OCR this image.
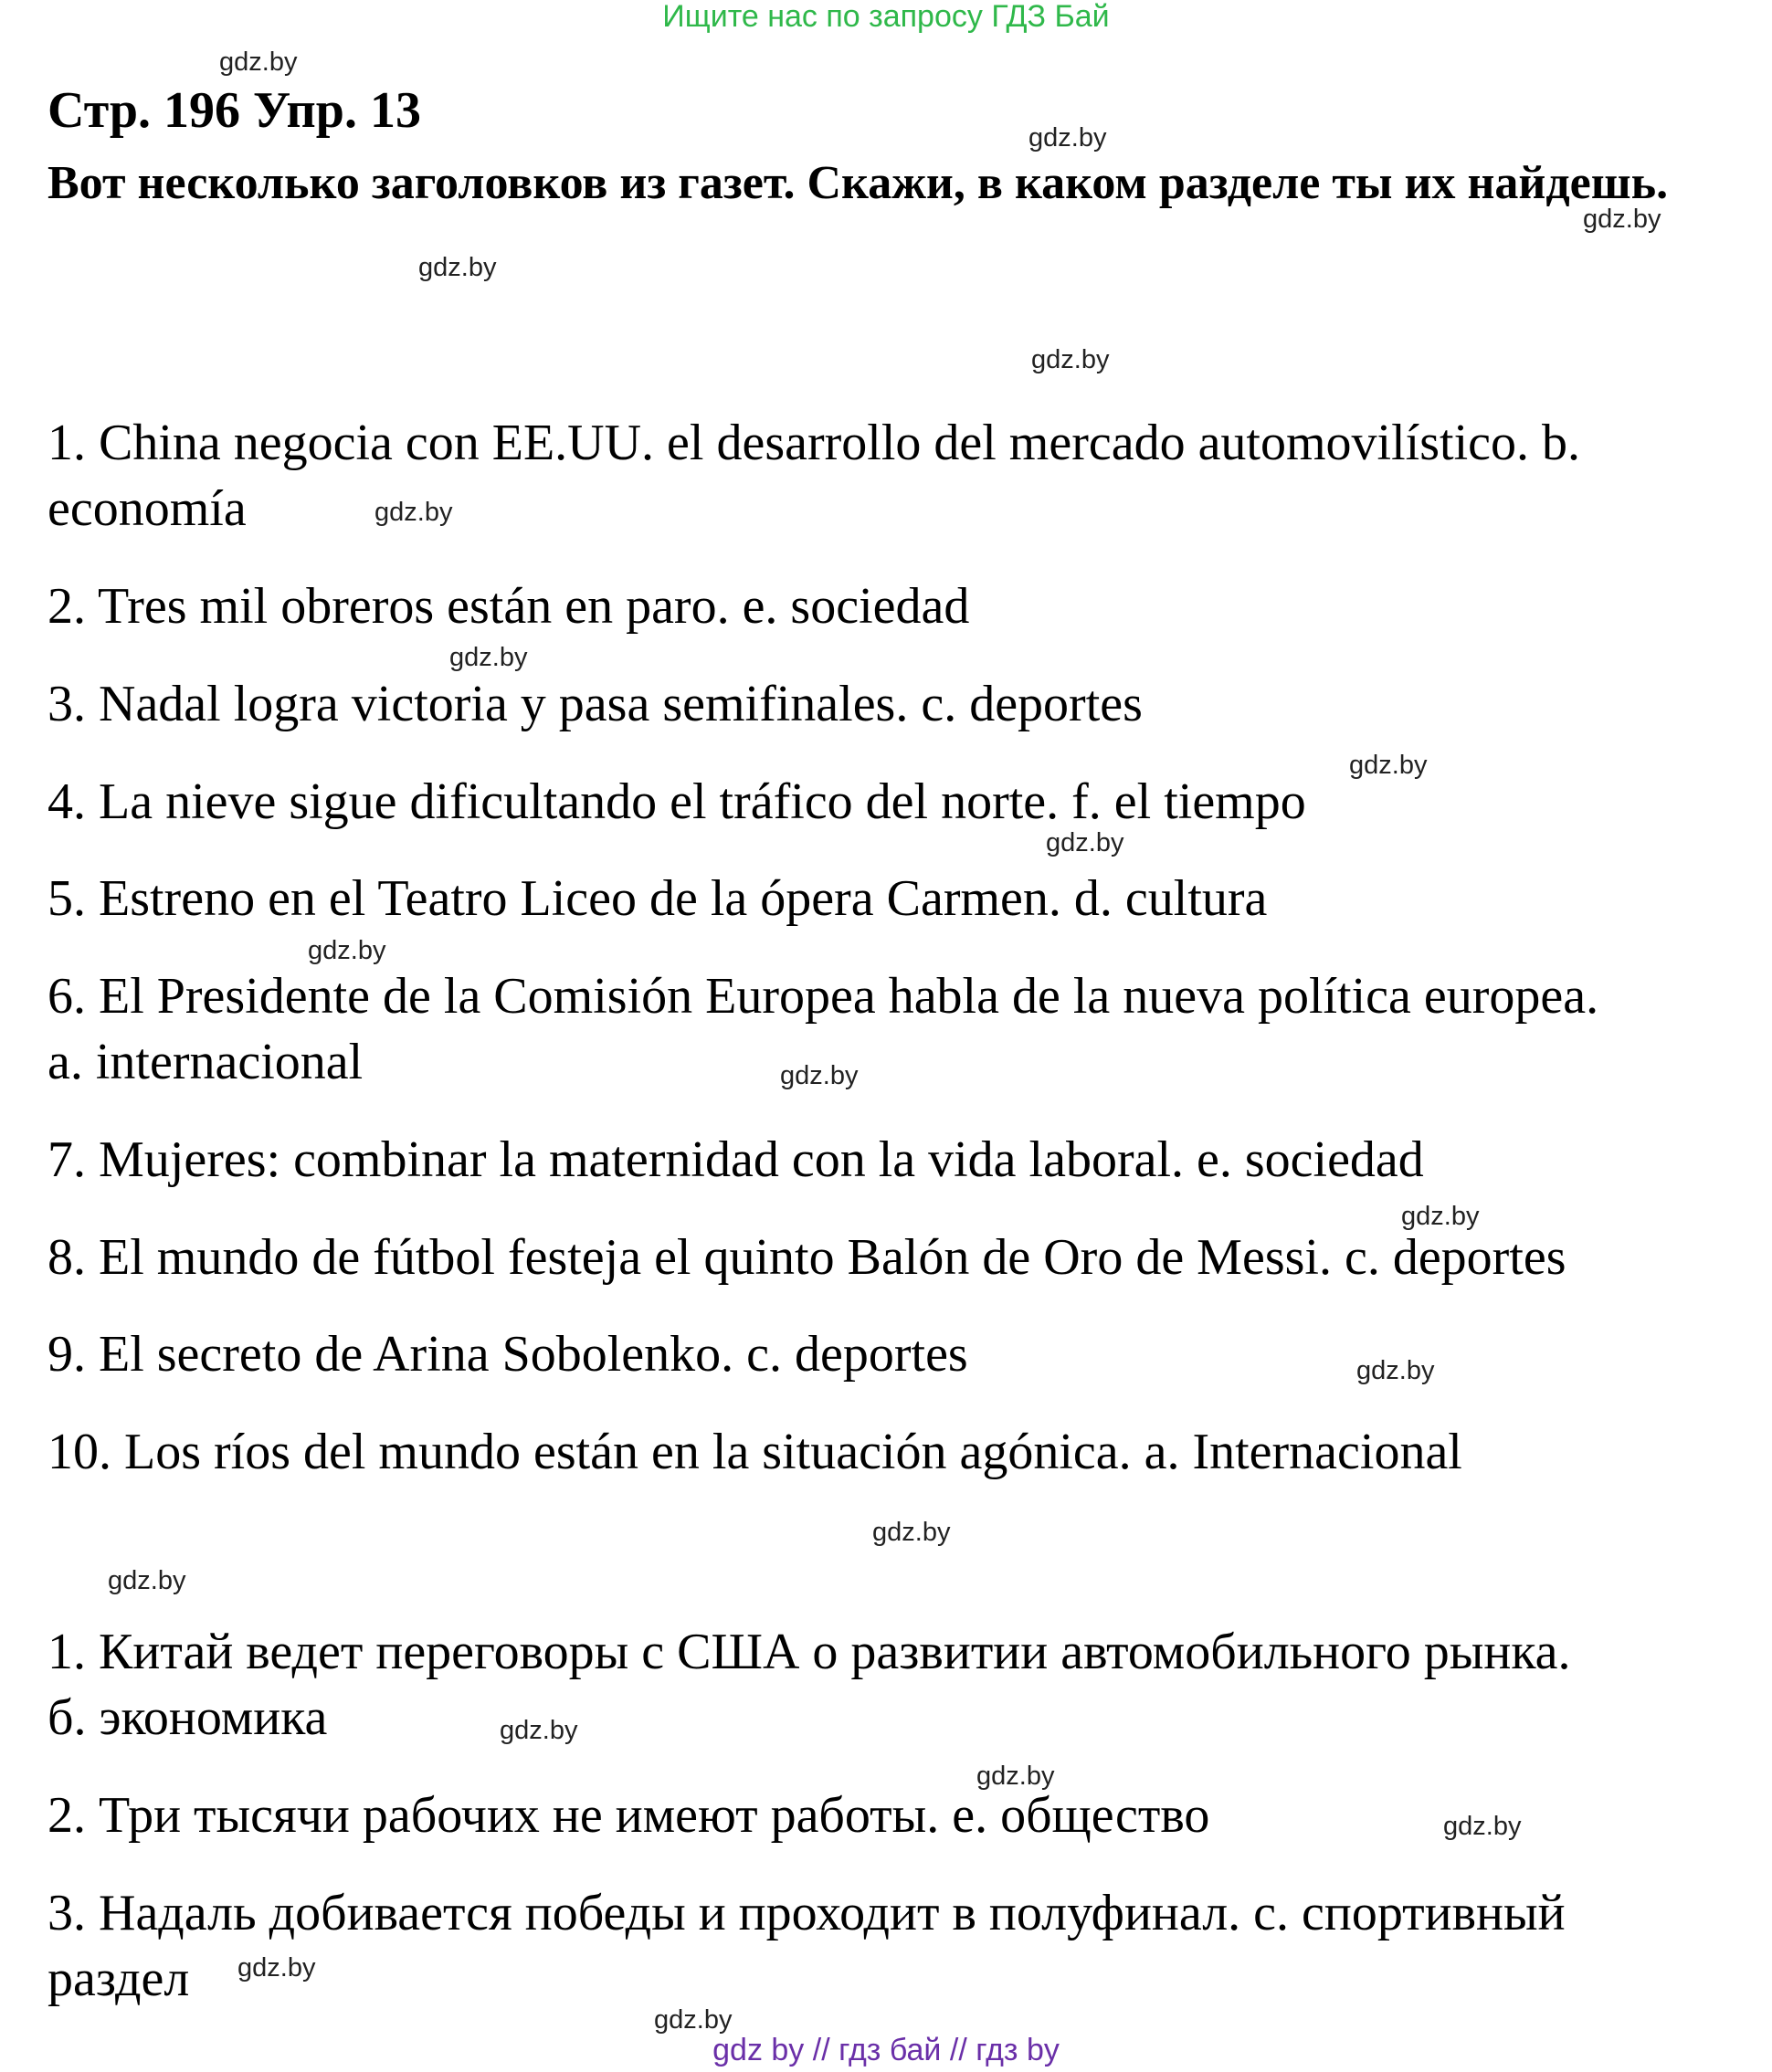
Ищите нас по запросу ГДЗ Бай
Стр. 196 Упр. 13

Вот несколько заголовков из газет. Скажи, в каком разделе ты их найдешь.

1. China negocia con EE.UU. el desarrollo del mercado automovilístico. b.

economía

2. Tres mil obreros están en paro. e. sociedad

3. Nadal logra victoria y pasa semifinales. c. deportes

4. La nieve sigue dificultando el tráfico del norte. f. el tiempo

5. Estreno en el Teatro Liceo de la ópera Carmen. d. cultura

6. El Presidente de la Comisión Europea habla de la nueva política europea.

a. internacional

7. Mujeres: combinar la maternidad con la vida laboral. e. sociedad

8. El mundo de fútbol festeja el quinto Balón de Oro de Messi. c. deportes

9. El secreto de Arina Sobolenko. c. deportes

10. Los ríos del mundo están en la situación agónica. a. Internacional

1. Китай ведет переговоры с США о развитии автомобильного рынка.

б. экономика

2. Три тысячи рабочих не имеют работы. е. общество

3. Надаль добивается победы и проходит в полуфинал. с. спортивный

раздел

gdz.by
gdz.by
gdz.by
gdz.by
gdz.by
gdz.by
gdz.by
gdz.by
gdz.by
gdz.by
gdz.by
gdz.by
gdz.by
gdz.by
gdz.by
gdz.by
gdz.by
gdz.by
gdz.by
gdz.by
gdz by // гдз бай // гдз by
